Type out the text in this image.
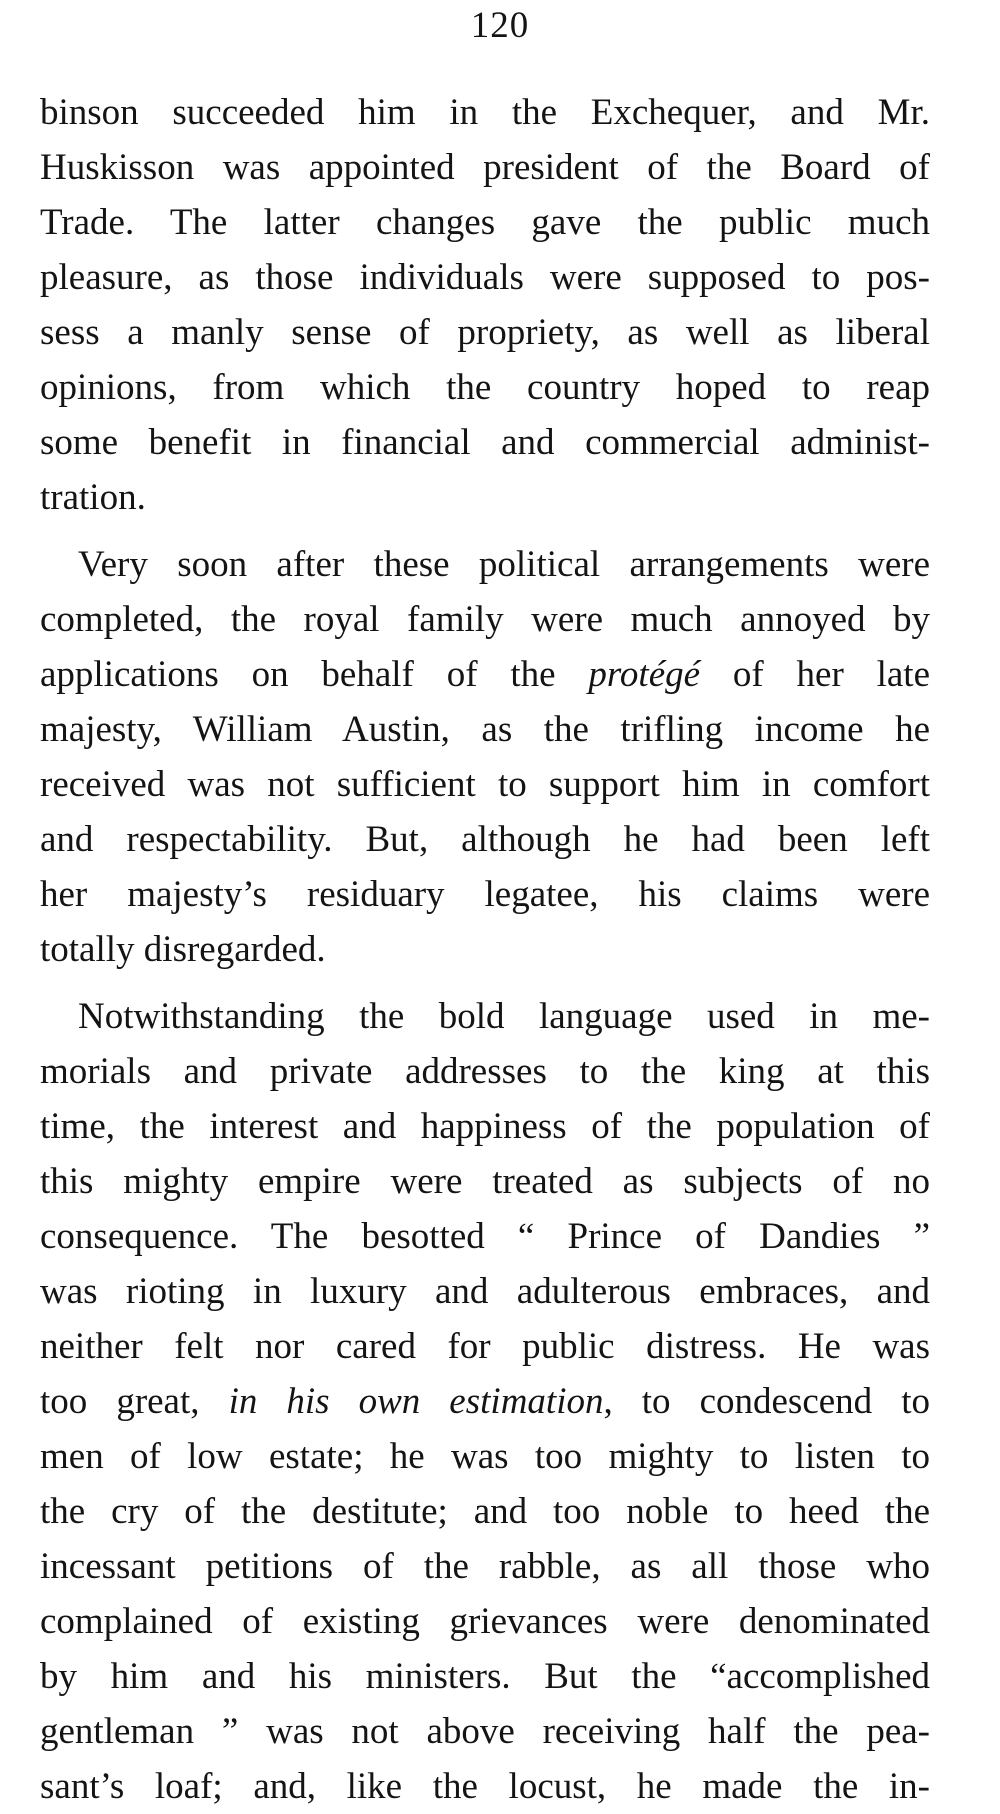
120
binson succeeded him in the Exchequer, and Mr.
Huskisson was appointed president of the Board of
Trade. The latter changes gave the public much
pleasure, as those individuals were supposed to pos-
sess a manly sense of propriety, as well as liberal
opinions, from which the country hoped to reap
some benefit in financial and commercial administ-
tration.
Very soon after these political arrangements were
completed, the royal family were much annoyed by
applications on behalf of the protégé of her late
majesty, William Austin, as the trifling income he
received was not sufficient to support him in comfort
and respectability. But, although he had been left
her majesty’s residuary legatee, his claims were
totally disregarded.
Notwithstanding the bold language used in me-
morials and private addresses to the king at this
time, the interest and happiness of the population of
this mighty empire were treated as subjects of no
consequence. The besotted “ Prince of Dandies ”
was rioting in luxury and adulterous embraces, and
neither felt nor cared for public distress. He was
too great, in his own estimation, to condescend to
men of low estate; he was too mighty to listen to
the cry of the destitute; and too noble to heed the
incessant petitions of the rabble, as all those who
complained of existing grievances were denominated
by him and his ministers. But the “accomplished
gentleman ” was not above receiving half the pea-
sant’s loaf; and, like the locust, he made the in-
